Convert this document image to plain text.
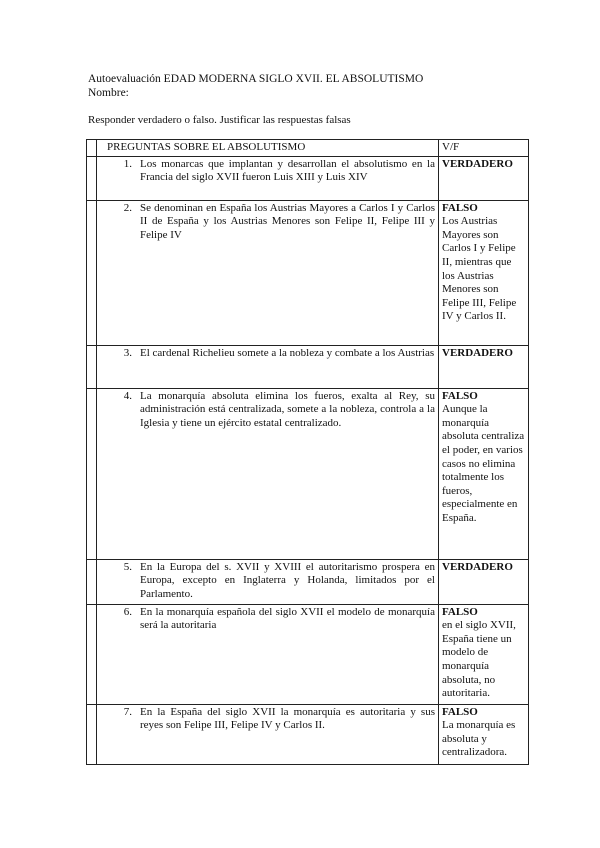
Autoevaluación EDAD MODERNA SIGLO XVII. EL ABSOLUTISMO
Nombre:
Responder verdadero o falso. Justificar las respuestas falsas
	PREGUNTAS SOBRE EL ABSOLUTISMO	V/F

	1. Los monarcas que implantan y desarrollan el absolutismo en la Francia del siglo XVII fueron Luis XIII y Luis XIV	VERDADERO

	2. Se denominan en España los Austrias Mayores a Carlos I y Carlos II de España y los Austrias Menores son Felipe II, Felipe III y Felipe IV	FALSO
Los Austrias Mayores son Carlos I y Felipe II, mientras que los Austrias Menores son Felipe III, Felipe IV y Carlos II.

	3. El cardenal Richelieu somete a la nobleza y combate a los Austrias	VERDADERO

	4. La monarquía absoluta elimina los fueros, exalta al Rey, su administración está centralizada, somete a la nobleza, controla a la Iglesia y tiene un ejército estatal centralizado.	FALSO
Aunque la monarquía absoluta centraliza el poder, en varios casos no elimina totalmente los fueros, especialmente en España.

	5. En la Europa del s. XVII y XVIII el autoritarismo prospera en Europa, excepto en Inglaterra y Holanda, limitados por el Parlamento.	VERDADERO

	6. En la monarquía española del siglo XVII el modelo de monarquía será la autoritaria	FALSO
en el siglo XVII, España tiene un modelo de monarquía absoluta, no autoritaria.

	7. En la España del siglo XVII la monarquía es autoritaria y sus reyes son Felipe III, Felipe IV y Carlos II.	FALSO
La monarquía es absoluta y centralizadora.
